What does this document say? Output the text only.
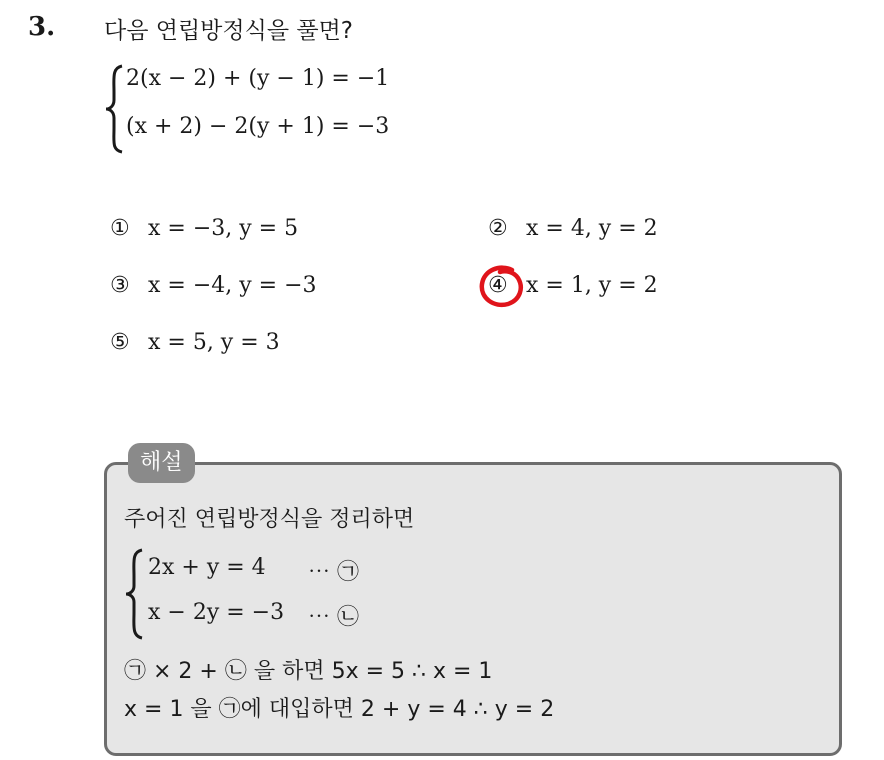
3. 다음 연립방정식을 풀면?
2(x − 2) + (y − 1) = −1
(x + 2) − 2(y + 1) = −3
① x = −3, y = 5	② x = 4, y = 2
③ x = −4, y = −3	④ x = 1, y = 2
⑤ x = 5, y = 3
해설
주어진 연립방정식을 정리하면
2x + y = 4 ⋯ ㉠
x − 2y = −3 ⋯ ㉡
㉠ × 2 + ㉡ 을 하면 5x = 5 ∴ x = 1
x = 1 을 ㉠에 대입하면 2 + y = 4 ∴ y = 2
